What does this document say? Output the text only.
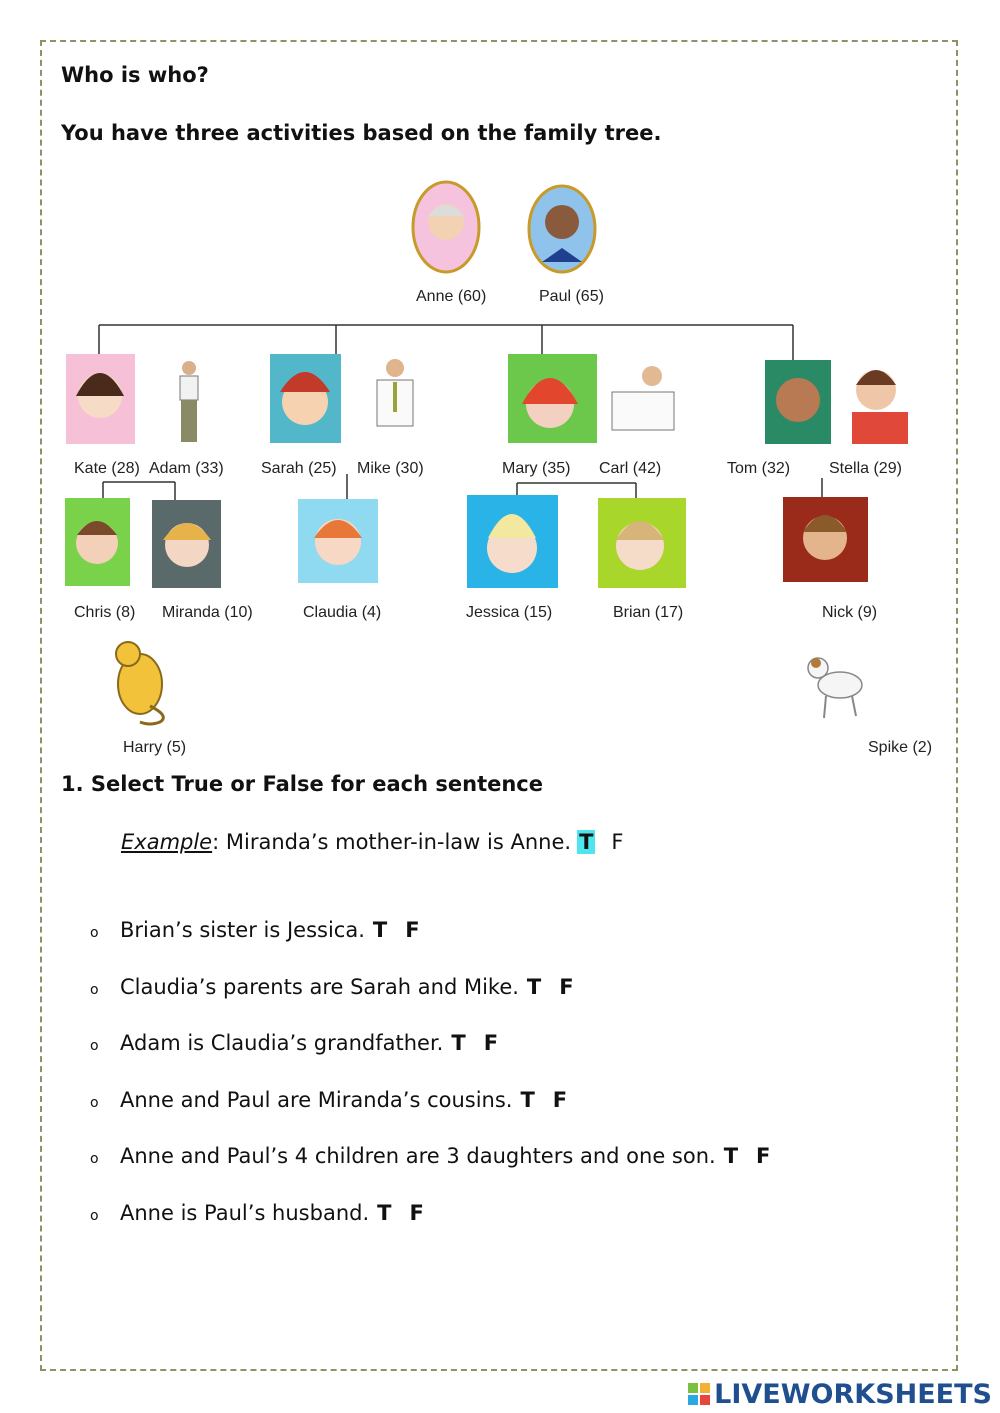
Who is who?
You have three activities based on the family tree.
Anne (60)	Paul (65)
Kate (28) Adam (33) Sarah (25) Mike (30)	Mary (35) Carl (42)	Tom (32) Stella (29)
Chris (8) Miranda (10)	Claudia (4)	Jessica (15)	Brian (17)	Nick (9)
Harry (5)	Spike (2)
1. Select True or False for each sentence
Example: Miranda’s mother-in-law is Anne. T F
o Brian’s sister is Jessica. T F
o Claudia’s parents are Sarah and Mike. T F
o Adam is Claudia’s grandfather. T F
o Anne and Paul are Miranda’s cousins. T F
o Anne and Paul’s 4 children are 3 daughters and one son. T F
o Anne is Paul’s husband. T F
LIVEWORKSHEETS
